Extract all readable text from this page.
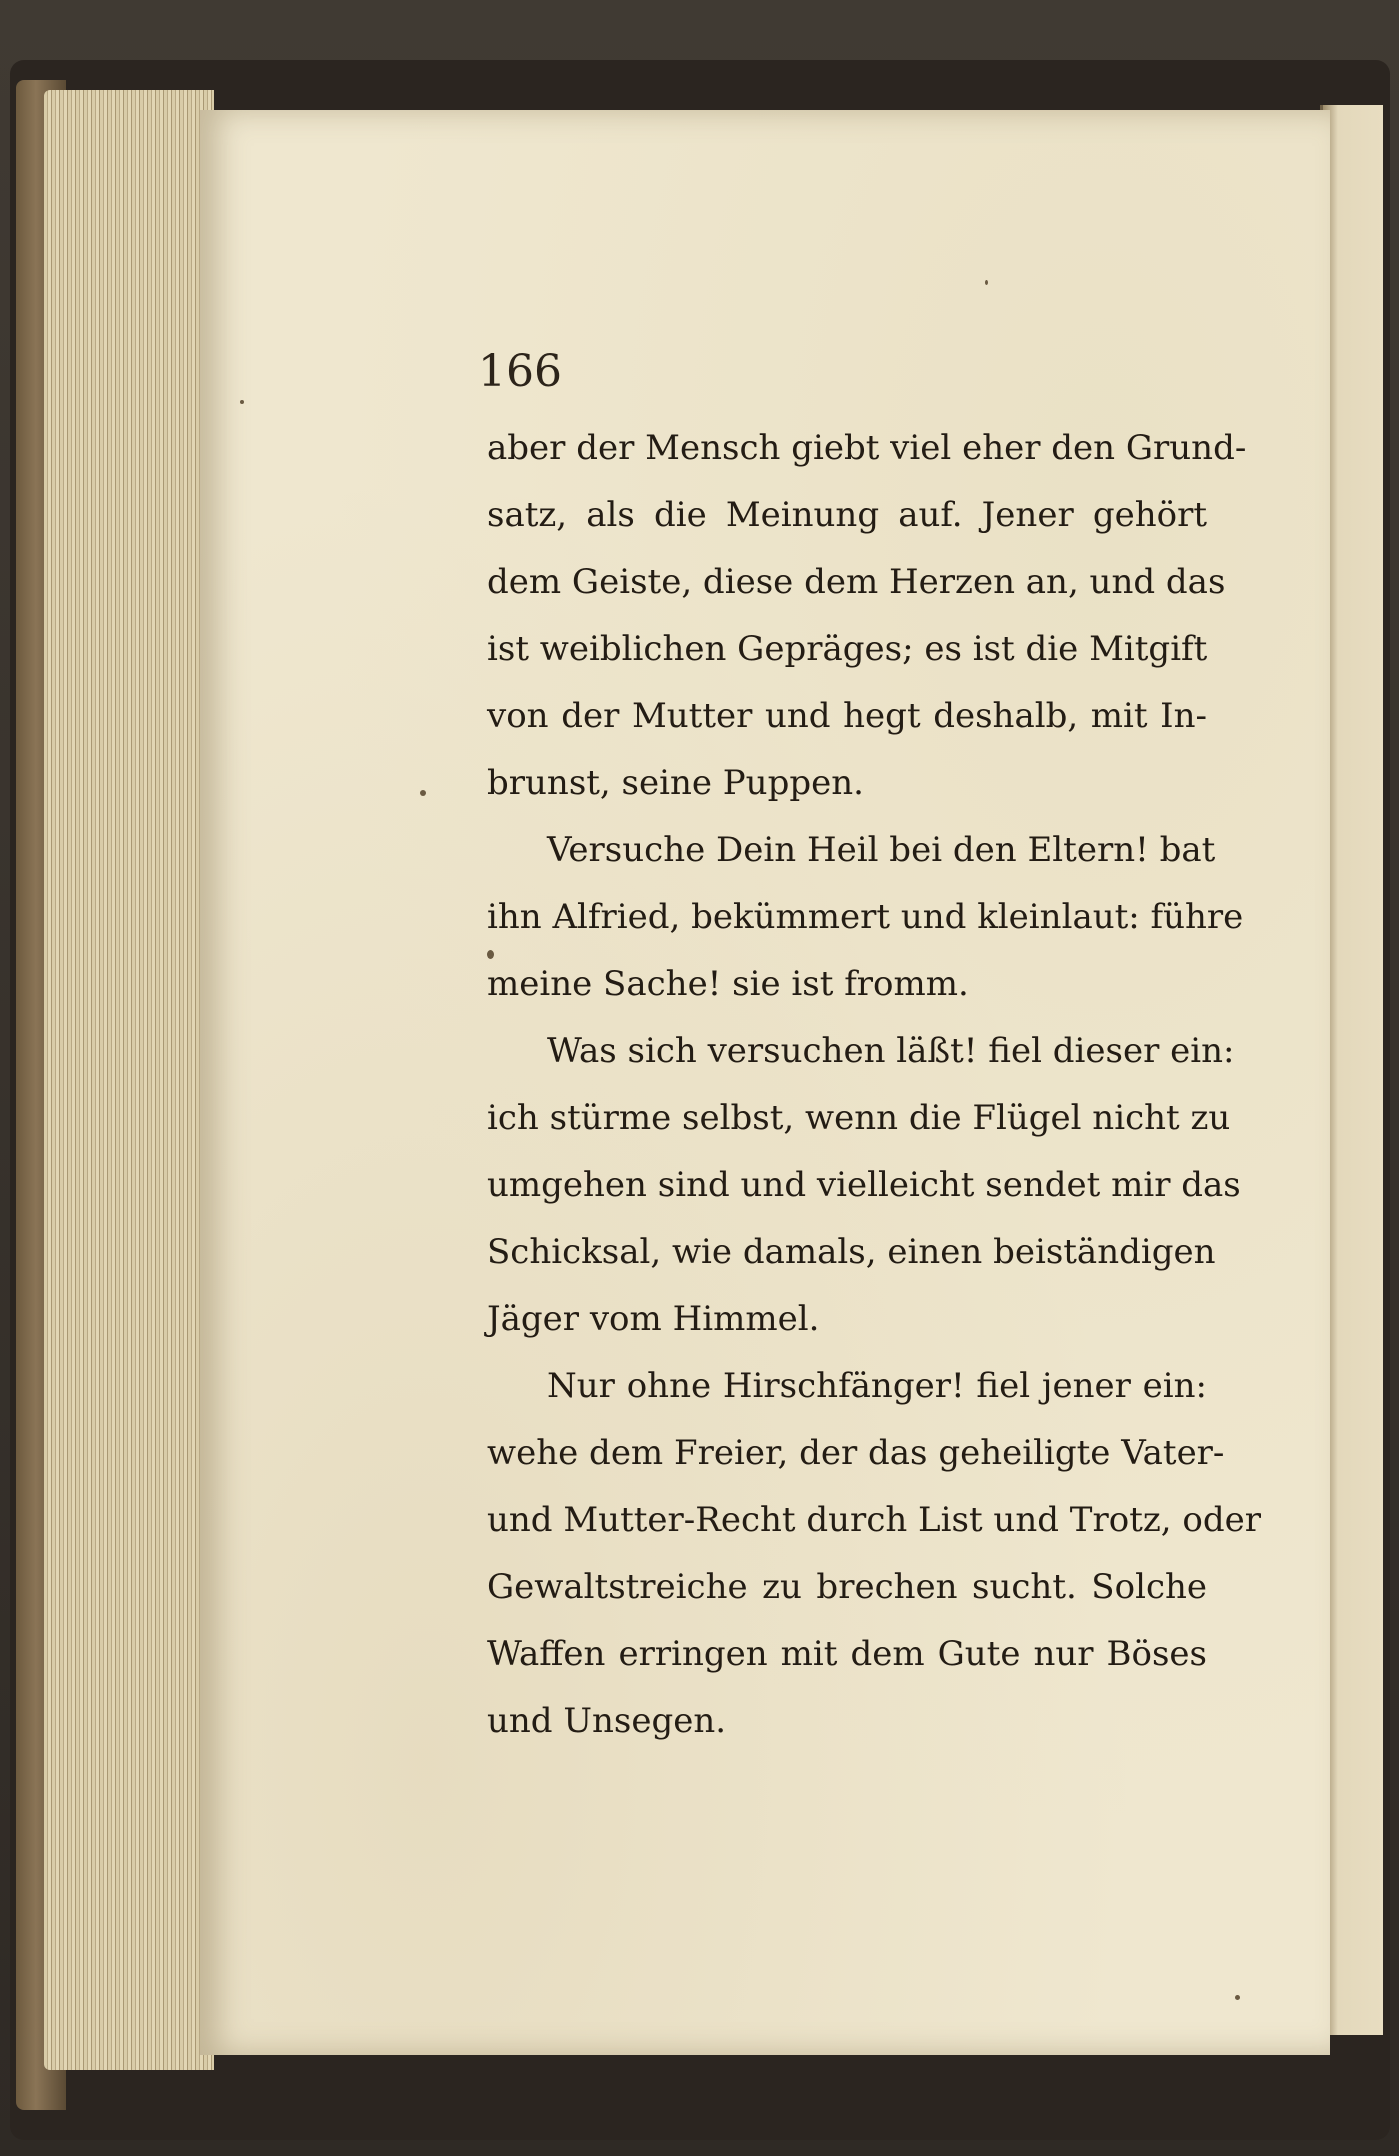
166

aber der Mensch giebt viel eher den Grund-
satz, als die Meinung auf. Jener gehört
dem Geiste, diese dem Herzen an, und das
ist weiblichen Gepräges; es ist die Mitgift
von der Mutter und hegt deshalb, mit In-
brunst, seine Puppen.
Versuche Dein Heil bei den Eltern! bat
ihn Alfried, bekümmert und kleinlaut: führe
meine Sache! sie ist fromm.
Was sich versuchen läßt! fiel dieser ein:
ich stürme selbst, wenn die Flügel nicht zu
umgehen sind und vielleicht sendet mir das
Schicksal, wie damals, einen beiständigen
Jäger vom Himmel.
Nur ohne Hirschfänger! fiel jener ein:
wehe dem Freier, der das geheiligte Vater-
und Mutter-Recht durch List und Trotz, oder
Gewaltstreiche zu brechen sucht. Solche
Waffen erringen mit dem Gute nur Böses
und Unsegen.
